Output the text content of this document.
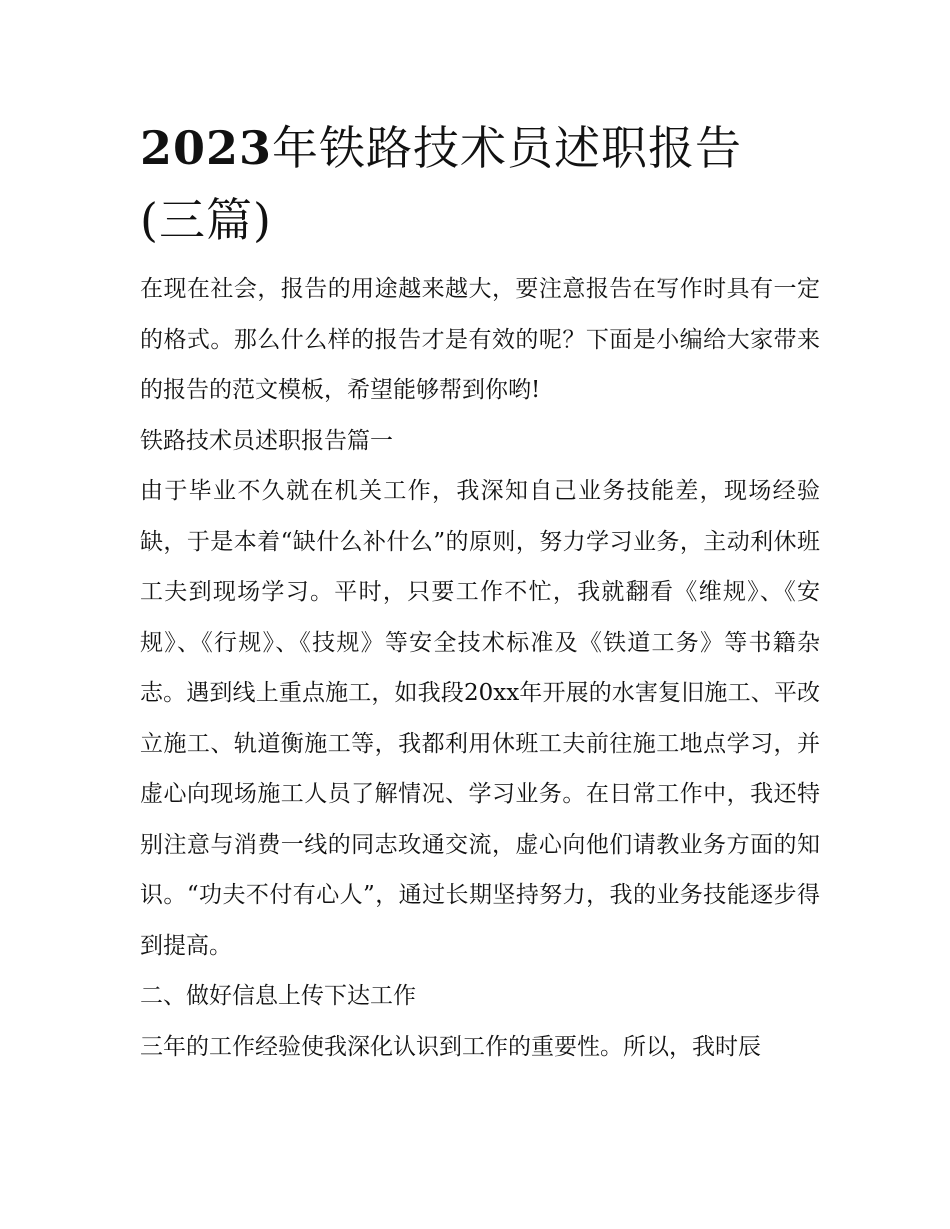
2023年铁路技术员述职报告
(三篇)

在现在社会，报告的用途越来越大，要注意报告在写作时具有一定的格式。那么什么样的报告才是有效的呢？下面是小编给大家带来的报告的范文模板，希望能够帮到你哟!

铁路技术员述职报告篇一

由于毕业不久就在机关工作，我深知自己业务技能差，现场经验缺，于是本着“缺什么补什么”的原则，努力学习业务，主动利休班工夫到现场学习。平时，只要工作不忙，我就翻看《维规》、《安规》、《行规》、《技规》等安全技术标准及《铁道工务》等书籍杂志。遇到线上重点施工，如我段20xx年开展的水害复旧施工、平改立施工、轨道衡施工等，我都利用休班工夫前往施工地点学习，并虚心向现场施工人员了解情况、学习业务。在日常工作中，我还特别注意与消费一线的同志玫通交流，虚心向他们请教业务方面的知识。“功夫不付有心人”，通过长期坚持努力，我的业务技能逐步得到提高。

二、做好信息上传下达工作

三年的工作经验使我深化认识到工作的重要性。所以，我时辰
